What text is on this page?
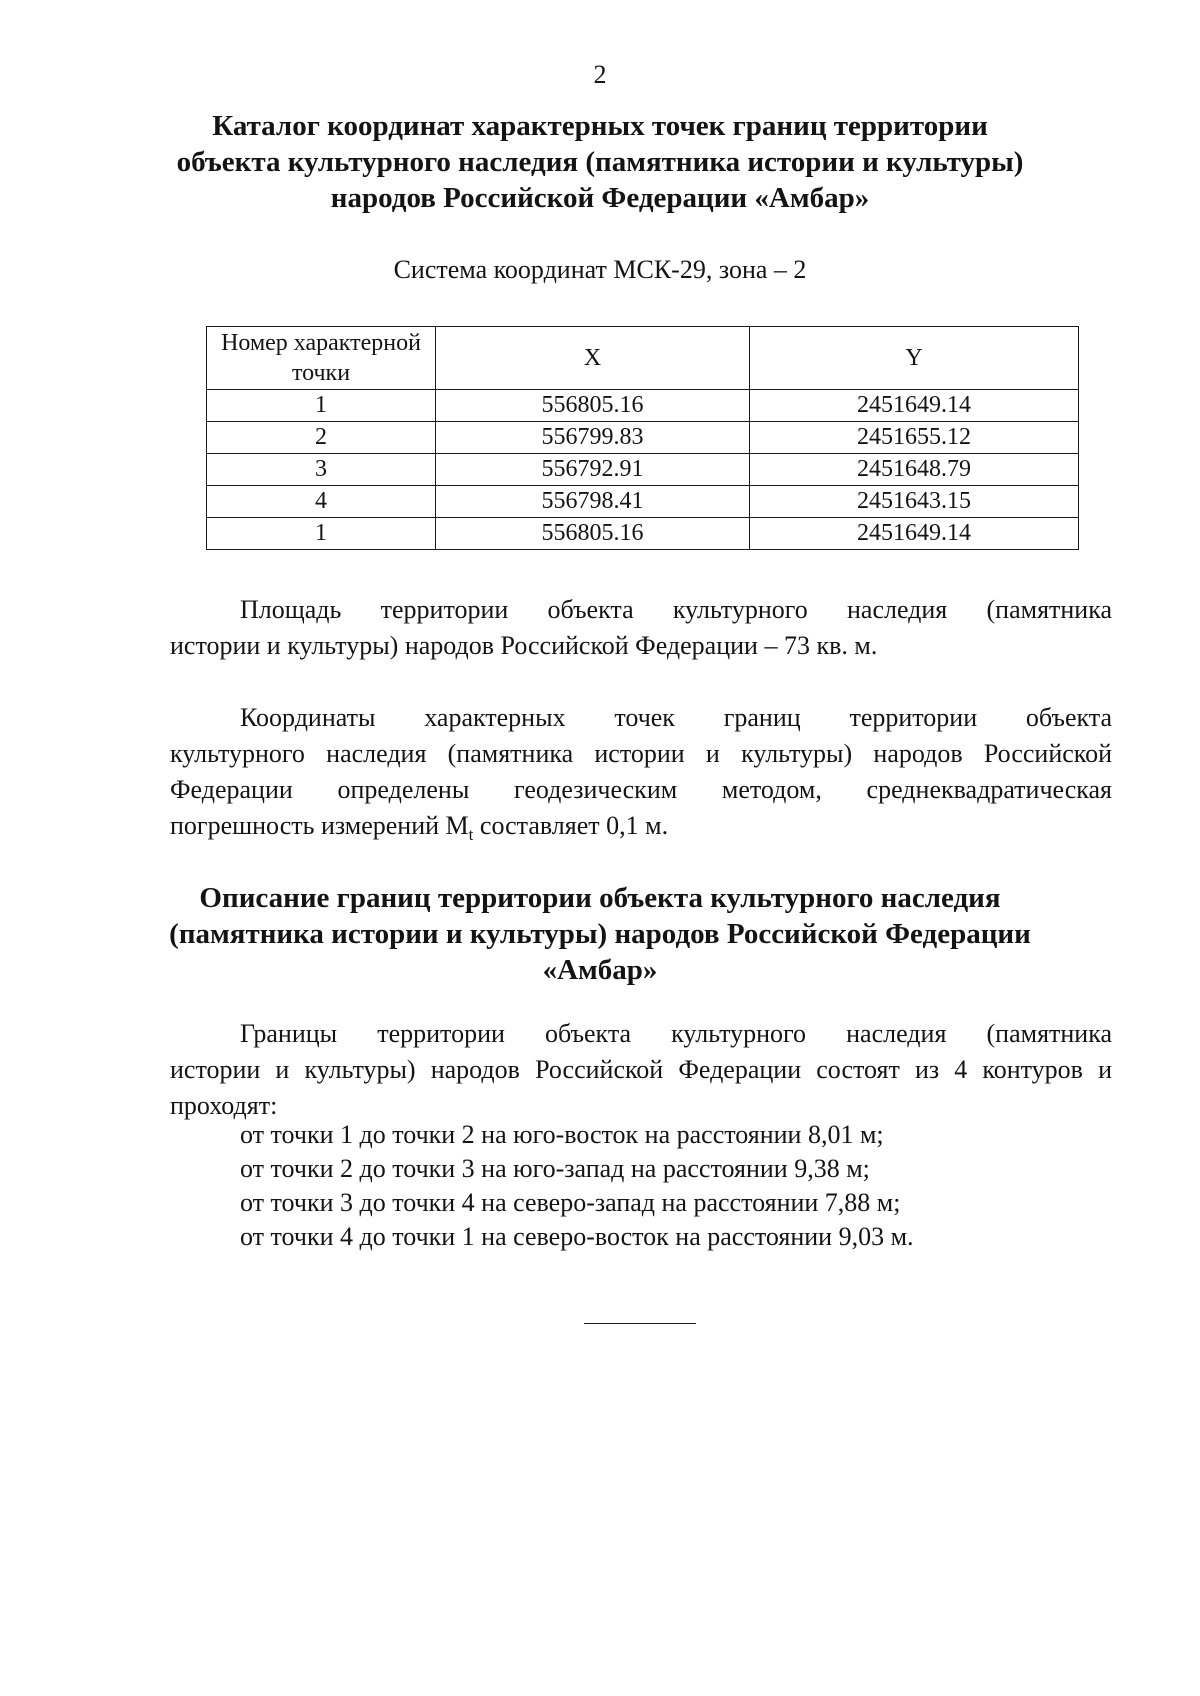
2
Каталог координат характерных точек границ территории
объекта культурного наследия (памятника истории и культуры)
народов Российской Федерации «Амбар»
Система координат МСК-29, зона – 2
Номер характерной
точки	X	Y
1	556805.16	2451649.14
2	556799.83	2451655.12
3	556792.91	2451648.79
4	556798.41	2451643.15
1	556805.16	2451649.14
Площадь территории объекта культурного наследия (памятника
истории и культуры) народов Российской Федерации – 73 кв. м.
Координаты характерных точек границ территории объекта
культурного наследия (памятника истории и культуры) народов Российской
Федерации определены геодезическим методом, среднеквадратическая
погрешность измерений $M_t$ составляет 0,1 м.
Описание границ территории объекта культурного наследия
(памятника истории и культуры) народов Российской Федерации
«Амбар»
Границы территории объекта культурного наследия (памятника
истории и культуры) народов Российской Федерации состоят из 4 контуров и
проходят:
от точки 1 до точки 2 на юго-восток на расстоянии 8,01 м;
от точки 2 до точки 3 на юго-запад на расстоянии 9,38 м;
от точки 3 до точки 4 на северо-запад на расстоянии 7,88 м;
от точки 4 до точки 1 на северо-восток на расстоянии 9,03 м.
